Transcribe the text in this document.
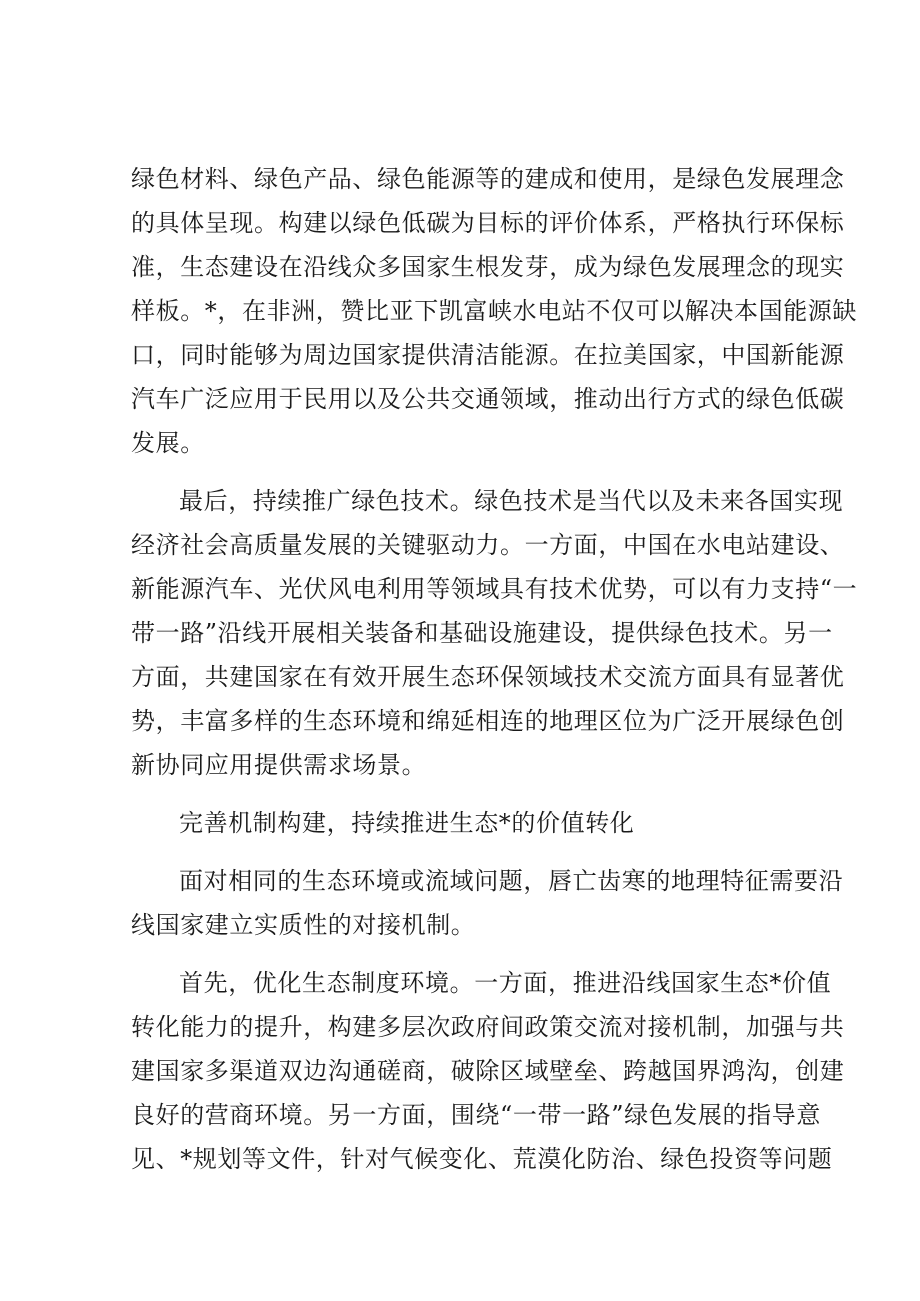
绿色材料、绿色产品、绿色能源等的建成和使用，是绿色发展理念
的具体呈现。构建以绿色低碳为目标的评价体系，严格执行环保标
准，生态建设在沿线众多国家生根发芽，成为绿色发展理念的现实
样板。*，在非洲，赞比亚下凯富峡水电站不仅可以解决本国能源缺
口，同时能够为周边国家提供清洁能源。在拉美国家，中国新能源
汽车广泛应用于民用以及公共交通领域，推动出行方式的绿色低碳
发展。
最后，持续推广绿色技术。绿色技术是当代以及未来各国实现
经济社会高质量发展的关键驱动力。一方面，中国在水电站建设、
新能源汽车、光伏风电利用等领域具有技术优势，可以有力支持“一
带一路”沿线开展相关装备和基础设施建设，提供绿色技术。另一
方面，共建国家在有效开展生态环保领域技术交流方面具有显著优
势，丰富多样的生态环境和绵延相连的地理区位为广泛开展绿色创
新协同应用提供需求场景。
完善机制构建，持续推进生态*的价值转化
面对相同的生态环境或流域问题，唇亡齿寒的地理特征需要沿
线国家建立实质性的对接机制。
首先，优化生态制度环境。一方面，推进沿线国家生态*价值
转化能力的提升，构建多层次政府间政策交流对接机制，加强与共
建国家多渠道双边沟通磋商，破除区域壁垒、跨越国界鸿沟，创建
良好的营商环境。另一方面，围绕“一带一路”绿色发展的指导意
见、*规划等文件，针对气候变化、荒漠化防治、绿色投资等问题
